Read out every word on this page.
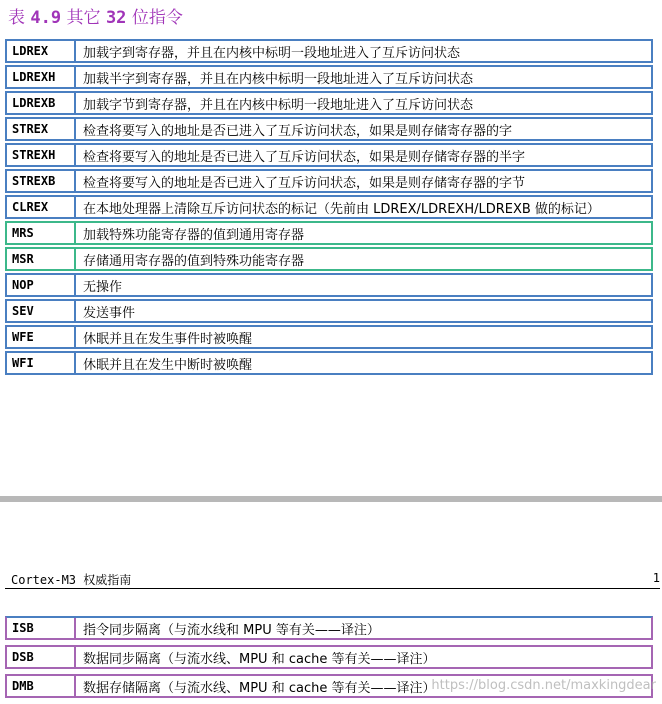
表 4.9 其它 32 位指令
LDREX	加载字到寄存器，并且在内核中标明一段地址进入了互斥访问状态
LDREXH	加载半字到寄存器，并且在内核中标明一段地址进入了互斥访问状态
LDREXB	加载字节到寄存器，并且在内核中标明一段地址进入了互斥访问状态
STREX	检查将要写入的地址是否已进入了互斥访问状态，如果是则存储寄存器的字
STREXH	检查将要写入的地址是否已进入了互斥访问状态，如果是则存储寄存器的半字
STREXB	检查将要写入的地址是否已进入了互斥访问状态，如果是则存储寄存器的字节
CLREX	在本地处理器上清除互斥访问状态的标记（先前由 LDREX/LDREXH/LDREXB 做的标记）
MRS	加载特殊功能寄存器的值到通用寄存器
MSR	存储通用寄存器的值到特殊功能寄存器
NOP	无操作
SEV	发送事件
WFE	休眠并且在发生事件时被唤醒
WFI	休眠并且在发生中断时被唤醒
Cortex-M3 权威指南	1
ISB	指令同步隔离（与流水线和 MPU 等有关——译注）
DSB	数据同步隔离（与流水线、MPU 和 cache 等有关——译注）
DMB	数据存储隔离（与流水线、MPU 和 cache 等有关——译注）
https://blog.csdn.net/maxkingdear
